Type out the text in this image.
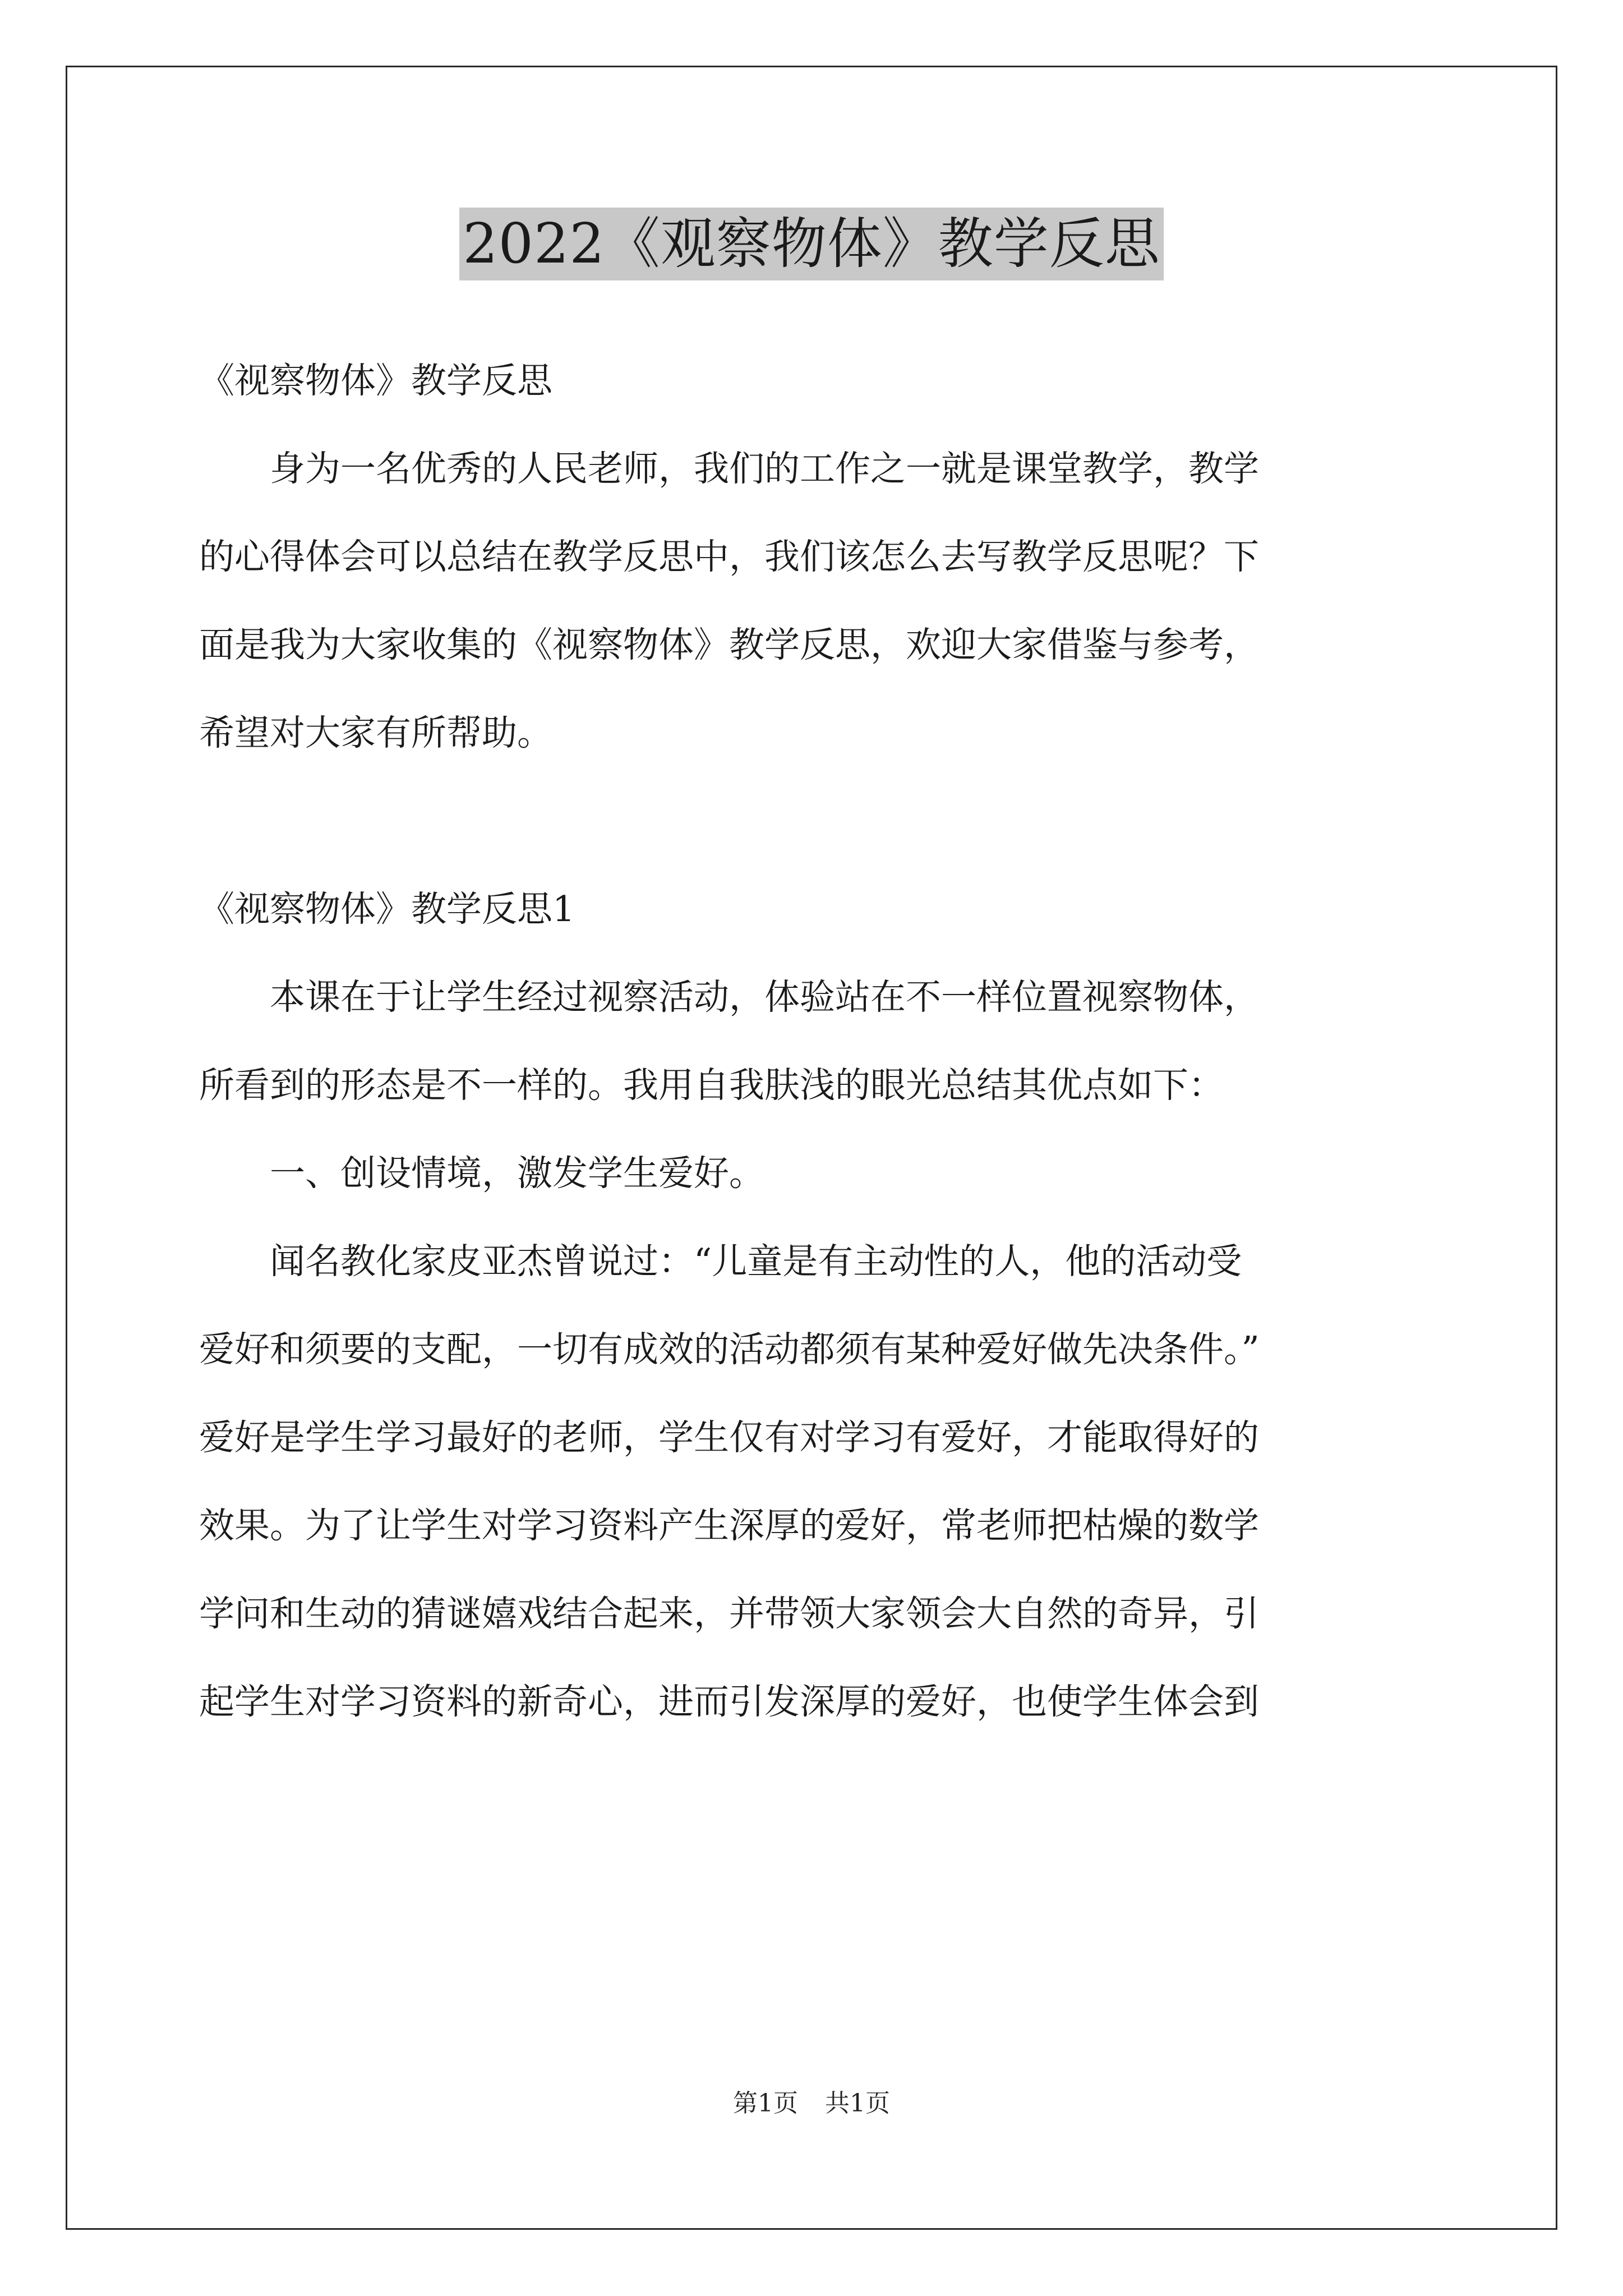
2022《观察物体》教学反思
《视察物体》教学反思
　　身为一名优秀的人民老师，我们的工作之一就是课堂教学，教学
的心得体会可以总结在教学反思中，我们该怎么去写教学反思呢？下
面是我为大家收集的《视察物体》教学反思，欢迎大家借鉴与参考，
希望对大家有所帮助。
《视察物体》教学反思1
　　本课在于让学生经过视察活动，体验站在不一样位置视察物体，
所看到的形态是不一样的。我用自我肤浅的眼光总结其优点如下：
　　一、创设情境，激发学生爱好。
　　闻名教化家皮亚杰曾说过：“儿童是有主动性的人，他的活动受
爱好和须要的支配，一切有成效的活动都须有某种爱好做先决条件。”
爱好是学生学习最好的老师，学生仅有对学习有爱好，才能取得好的
效果。为了让学生对学习资料产生深厚的爱好，常老师把枯燥的数学
学问和生动的猜谜嬉戏结合起来，并带领大家领会大自然的奇异，引
起学生对学习资料的新奇心，进而引发深厚的爱好，也使学生体会到
第1页 共1页
